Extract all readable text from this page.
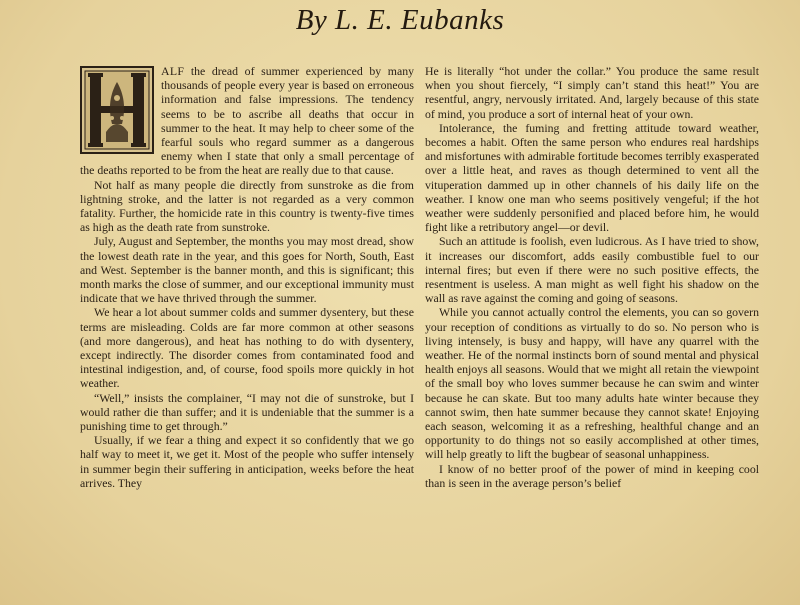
By L. E. Eubanks

ALF the dread of summer experienced by many thousands of people every year is based on erroneous information and false impressions. The tendency seems to be to ascribe all deaths that occur in summer to the heat. It may help to cheer some of the fearful souls who regard summer as a dangerous enemy when I state that only a small percentage of the deaths reported to be from the heat are really due to that cause.

Not half as many people die directly from sunstroke as die from lightning stroke, and the latter is not regarded as a very common fatality. Further, the homicide rate in this country is twenty-five times as high as the death rate from sunstroke.

July, August and September, the months you may most dread, show the lowest death rate in the year, and this goes for North, South, East and West. September is the banner month, and this is significant; this month marks the close of summer, and our exceptional immunity must indicate that we have thrived through the summer.

We hear a lot about summer colds and summer dysentery, but these terms are misleading. Colds are far more common at other seasons (and more dangerous), and heat has nothing to do with dysentery, except indirectly. The disorder comes from contaminated food and intestinal indigestion, and, of course, food spoils more quickly in hot weather.

“Well,” insists the complainer, “I may not die of sunstroke, but I would rather die than suffer; and it is undeniable that the summer is a punishing time to get through.”

Usually, if we fear a thing and expect it so confidently that we go half way to meet it, we get it. Most of the people who suffer intensely in summer begin their suffering in anticipation, weeks before the heat arrives. They

He is literally “hot under the collar.” You produce the same result when you shout fiercely, “I simply can’t stand this heat!” You are resentful, angry, nervously irritated. And, largely because of this state of mind, you produce a sort of internal heat of your own.

Intolerance, the fuming and fretting attitude toward weather, becomes a habit. Often the same person who endures real hardships and misfortunes with admirable fortitude becomes terribly exasperated over a little heat, and raves as though determined to vent all the vituperation dammed up in other channels of his daily life on the weather. I know one man who seems positively vengeful; if the hot weather were suddenly personified and placed before him, he would fight like a retributory angel—or devil.

Such an attitude is foolish, even ludicrous. As I have tried to show, it increases our discomfort, adds easily combustible fuel to our internal fires; but even if there were no such positive effects, the resentment is useless. A man might as well fight his shadow on the wall as rave against the coming and going of seasons.

While you cannot actually control the elements, you can so govern your reception of conditions as virtually to do so. No person who is living intensely, is busy and happy, will have any quarrel with the weather. He of the normal instincts born of sound mental and physical health enjoys all seasons. Would that we might all retain the viewpoint of the small boy who loves summer because he can swim and winter because he can skate. But too many adults hate winter because they cannot swim, then hate summer because they cannot skate! Enjoying each season, welcoming it as a refreshing, healthful change and an opportunity to do things not so easily accomplished at other times, will help greatly to lift the bugbear of seasonal unhappiness.

I know of no better proof of the power of mind in keeping cool than is seen in the average person’s belief
